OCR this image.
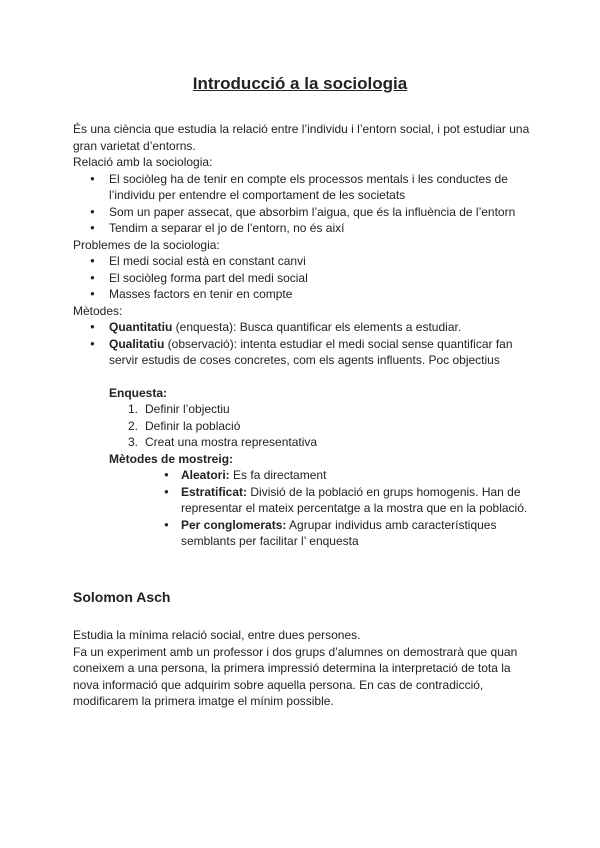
Introducció a la sociologia

És una ciència que estudia la relació entre l’individu i l’entorn social, i pot estudiar una gran varietat d’entorns.

Relació amb la sociologia:

● El sociòleg ha de tenir en compte els processos mentals i les conductes de l’individu per entendre el comportament de les societats
● Som un paper assecat, que absorbim l’aigua, que és la influència de l’entorn
● Tendim a separar el jo de l’entorn, no és així

Problemes de la sociologia:

● El medi social està en constant canvi
● El sociòleg forma part del medi social
● Masses factors en tenir en compte

Mètodes:

● Quantitatiu (enquesta): Busca quantificar els elements a estudiar.
● Qualitatiu (observació): intenta estudiar el medi social sense quantificar fan servir estudis de coses concretes, com els agents influents. Poc objectius
Enquesta:
1. Definir l’objectiu
2. Definir la població
3. Creat una mostra representativa
Mètodes de mostreig:
● Aleatori: Es fa directament
● Estratificat: Divisió de la població en grups homogenis. Han de representar el mateix percentatge a la mostra que en la població.
● Per conglomerats: Agrupar individus amb característiques semblants per facilitar l’ enquesta
Solomon Asch

Estudia la mínima relació social, entre dues persones.

Fa un experiment amb un professor i dos grups d’alumnes on demostrarà que quan coneixem a una persona, la primera impressió determina la interpretació de tota la nova informació que adquirim sobre aquella persona. En cas de contradicció, modificarem la primera imatge el mínim possible.
